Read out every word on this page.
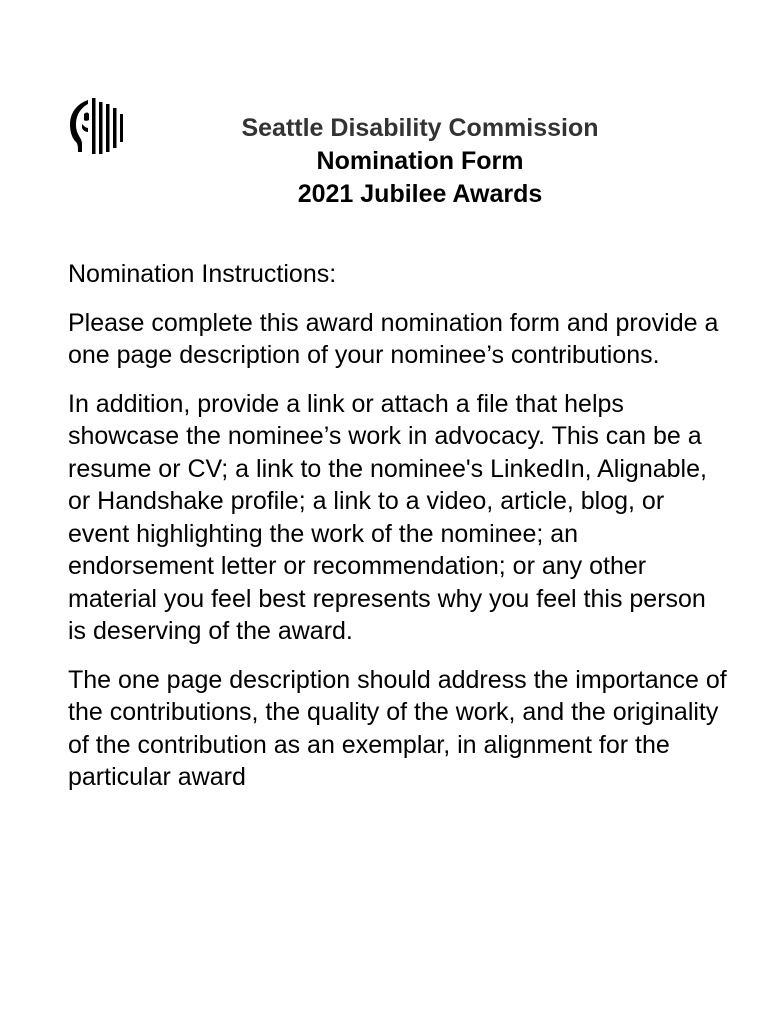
Seattle Disability Commission

Nomination Form

2021 Jubilee Awards

Nomination Instructions:

Please complete this award nomination form and provide a one page description of your nominee’s contributions.

In addition, provide a link or attach a file that helps showcase the nominee’s work in advocacy. This can be a resume or CV; a link to the nominee's LinkedIn, Alignable, or Handshake profile; a link to a video, article, blog, or event highlighting the work of the nominee; an endorsement letter or recommendation; or any other material you feel best represents why you feel this person is deserving of the award.

The one page description should address the importance of the contributions, the quality of the work, and the originality of the contribution as an exemplar, in alignment for the particular award
